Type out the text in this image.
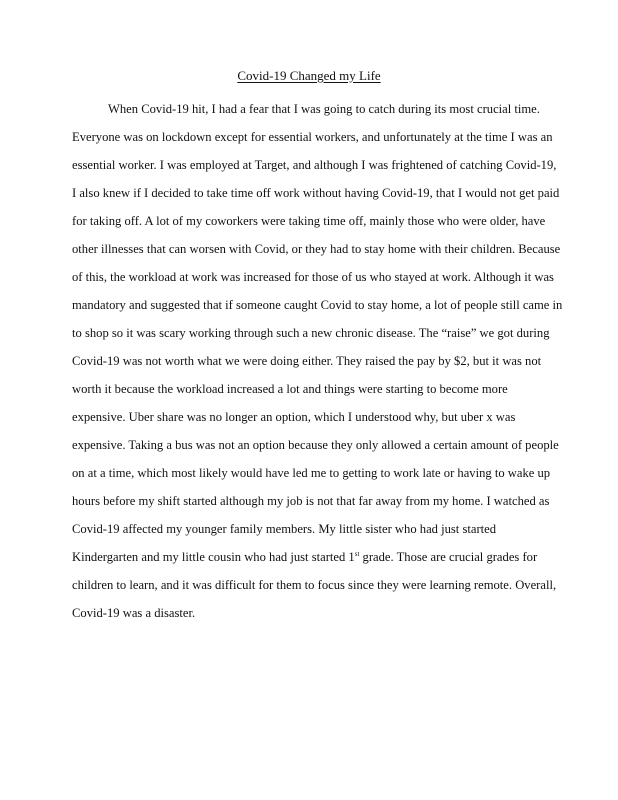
Covid-19 Changed my Life
When Covid-19 hit, I had a fear that I was going to catch during its most crucial time.
Everyone was on lockdown except for essential workers, and unfortunately at the time I was an
essential worker. I was employed at Target, and although I was frightened of catching Covid-19,
I also knew if I decided to take time off work without having Covid-19, that I would not get paid
for taking off. A lot of my coworkers were taking time off, mainly those who were older, have
other illnesses that can worsen with Covid, or they had to stay home with their children. Because
of this, the workload at work was increased for those of us who stayed at work. Although it was
mandatory and suggested that if someone caught Covid to stay home, a lot of people still came in
to shop so it was scary working through such a new chronic disease. The “raise” we got during
Covid-19 was not worth what we were doing either. They raised the pay by $2, but it was not
worth it because the workload increased a lot and things were starting to become more
expensive. Uber share was no longer an option, which I understood why, but uber x was
expensive. Taking a bus was not an option because they only allowed a certain amount of people
on at a time, which most likely would have led me to getting to work late or having to wake up
hours before my shift started although my job is not that far away from my home. I watched as
Covid-19 affected my younger family members. My little sister who had just started
Kindergarten and my little cousin who had just started 1st grade. Those are crucial grades for
children to learn, and it was difficult for them to focus since they were learning remote. Overall,
Covid-19 was a disaster.
